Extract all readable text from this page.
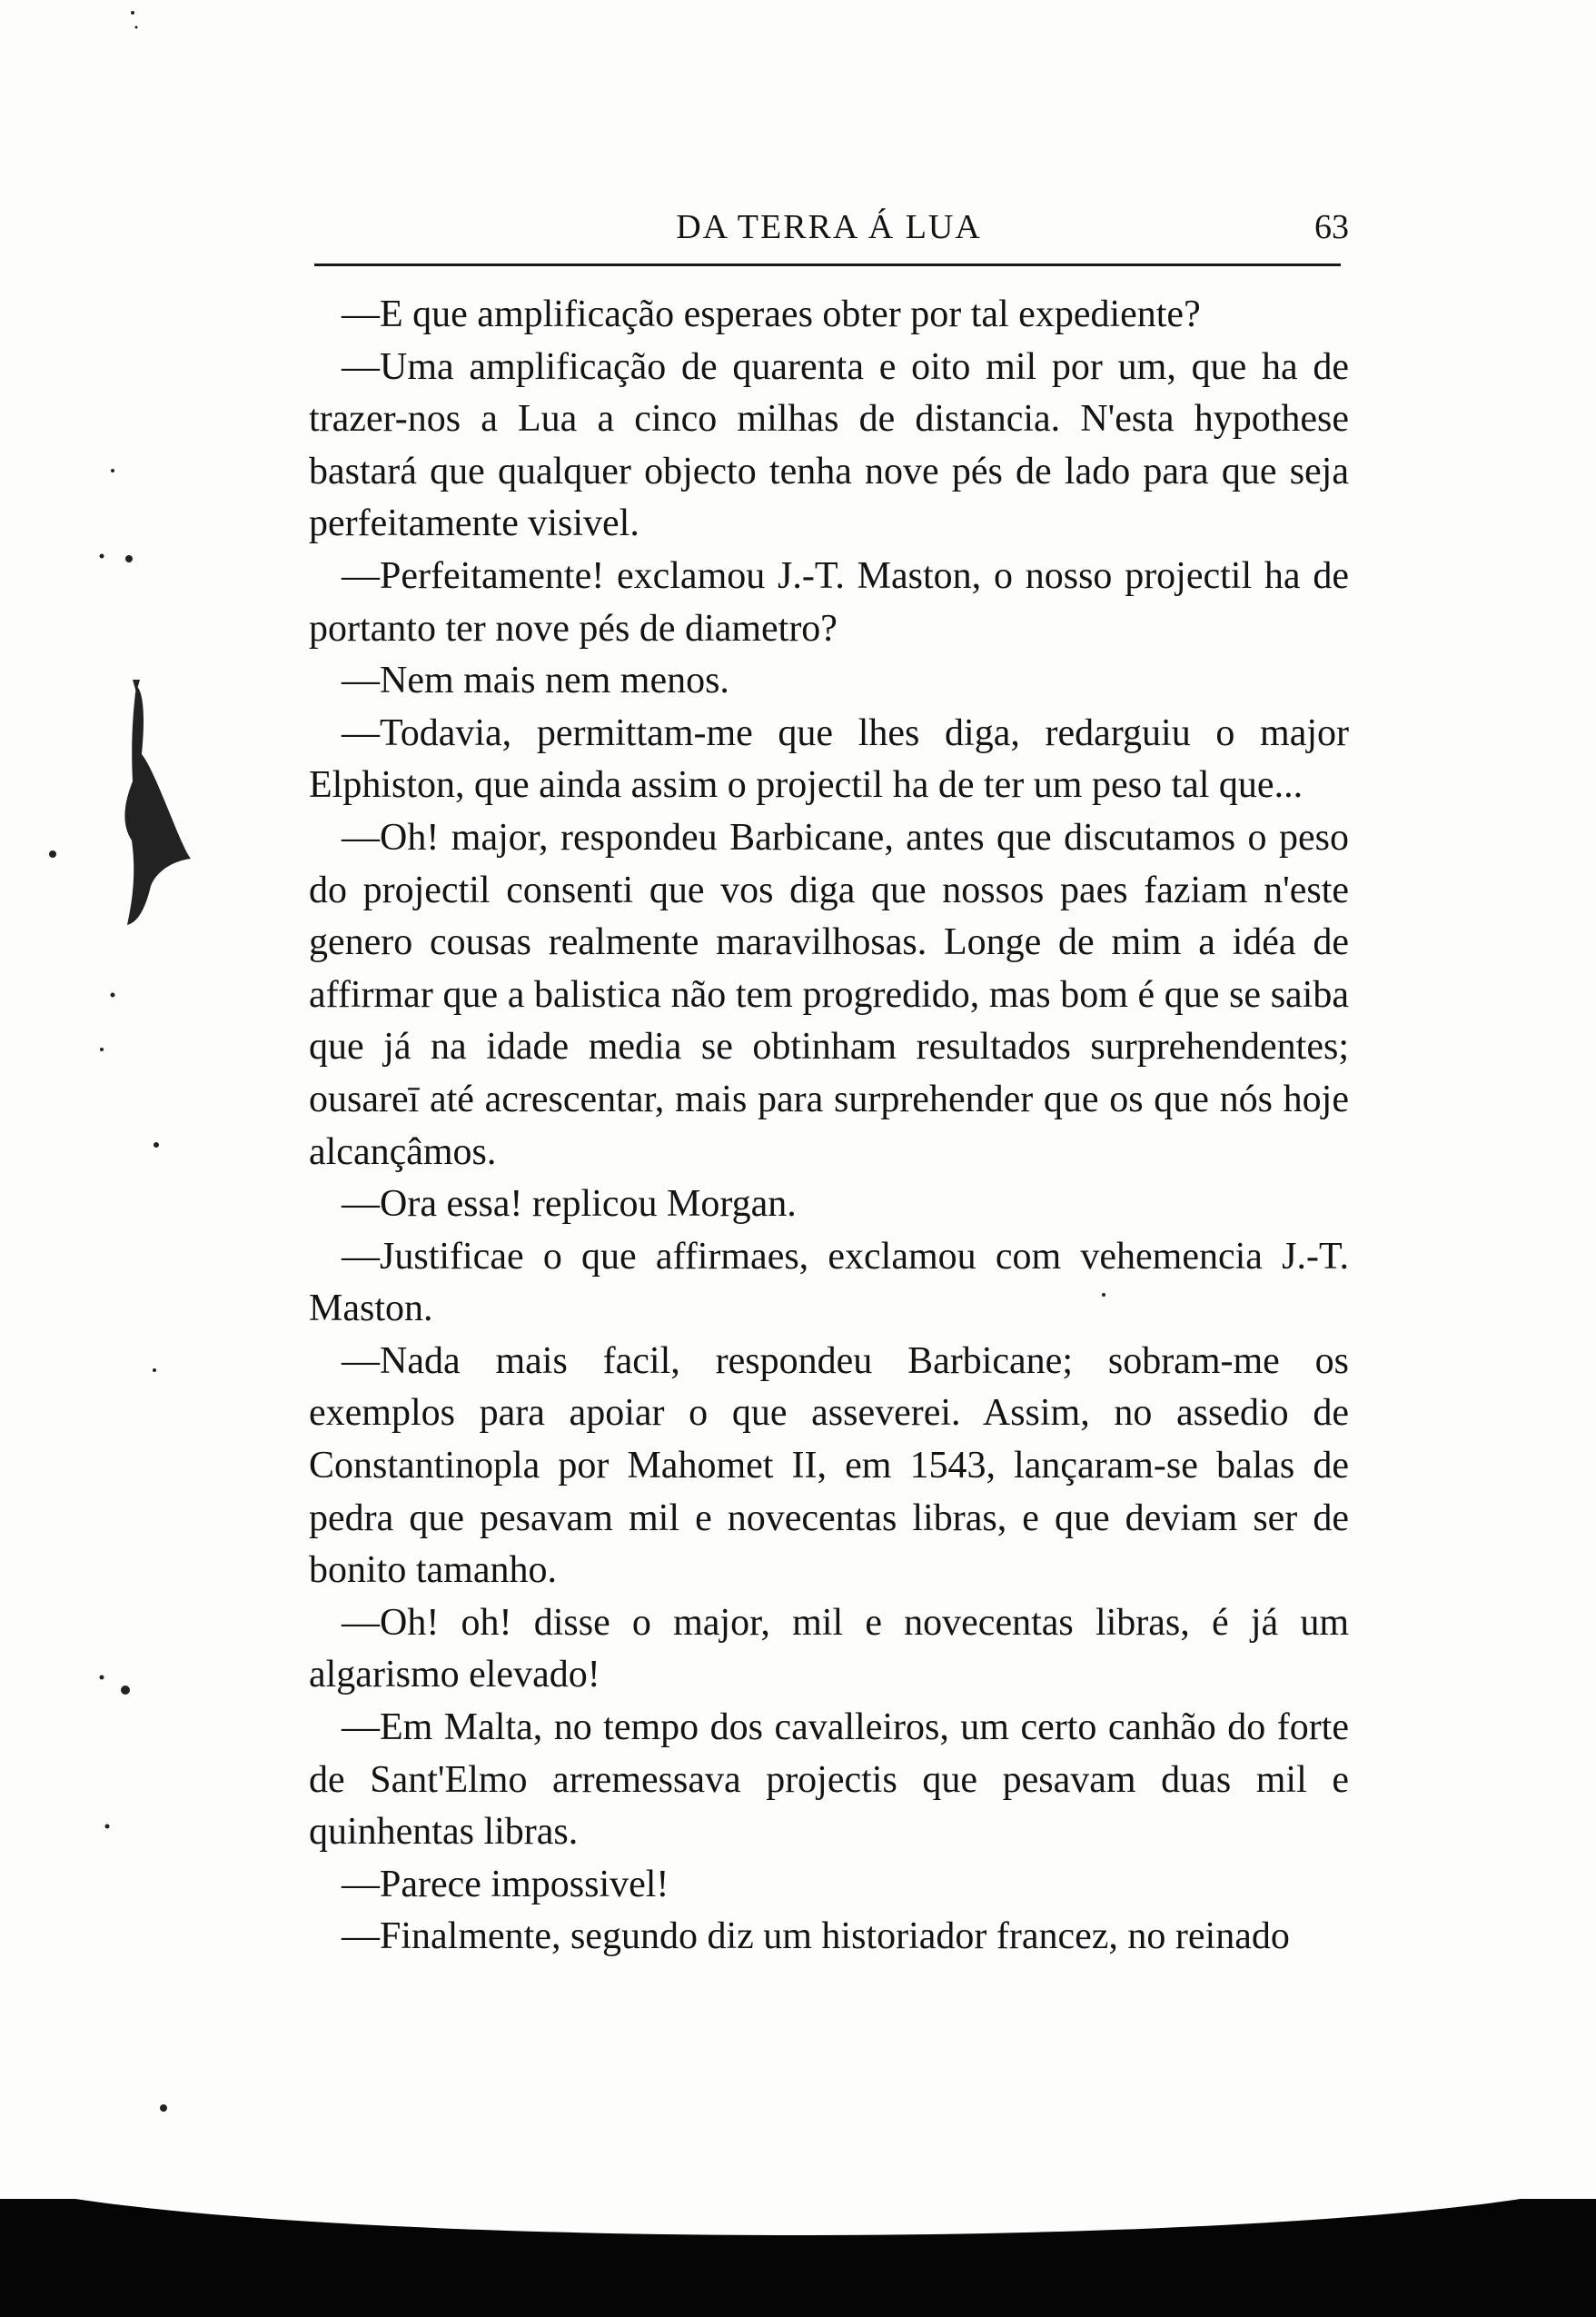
DA TERRA Á LUA	63

—E que amplificação esperaes obter por tal expediente?

—Uma amplificação de quarenta e oito mil por um, que ha de trazer-nos a Lua a cinco milhas de distancia. N'esta hypothese bastará que qualquer objecto tenha nove pés de lado para que seja perfeitamente visivel.

—Perfeitamente! exclamou J.-T. Maston, o nosso projectil ha de portanto ter nove pés de diametro?

—Nem mais nem menos.

—Todavia, permittam-me que lhes diga, redarguiu o major Elphiston, que ainda assim o projectil ha de ter um peso tal que...

—Oh! major, respondeu Barbicane, antes que discutamos o peso do projectil consenti que vos diga que nossos paes faziam n'este genero cousas realmente maravilhosas. Longe de mim a idéa de affirmar que a balistica não tem progredido, mas bom é que se saiba que já na idade media se obtinham resultados surprehendentes; ousareī até acrescentar, mais para surprehender que os que nós hoje alcançâmos.

—Ora essa! replicou Morgan.

—Justificae o que affirmaes, exclamou com vehemencia J.-T. Maston.

—Nada mais facil, respondeu Barbicane; sobram-me os exemplos para apoiar o que asseverei. Assim, no assedio de Constantinopla por Mahomet II, em 1543, lançaram-se balas de pedra que pesavam mil e novecentas libras, e que deviam ser de bonito tamanho.

—Oh! oh! disse o major, mil e novecentas libras, é já um algarismo elevado!

—Em Malta, no tempo dos cavalleiros, um certo canhão do forte de Sant'Elmo arremessava projectis que pesavam duas mil e quinhentas libras.

—Parece impossivel!

—Finalmente, segundo diz um historiador francez, no reinado
